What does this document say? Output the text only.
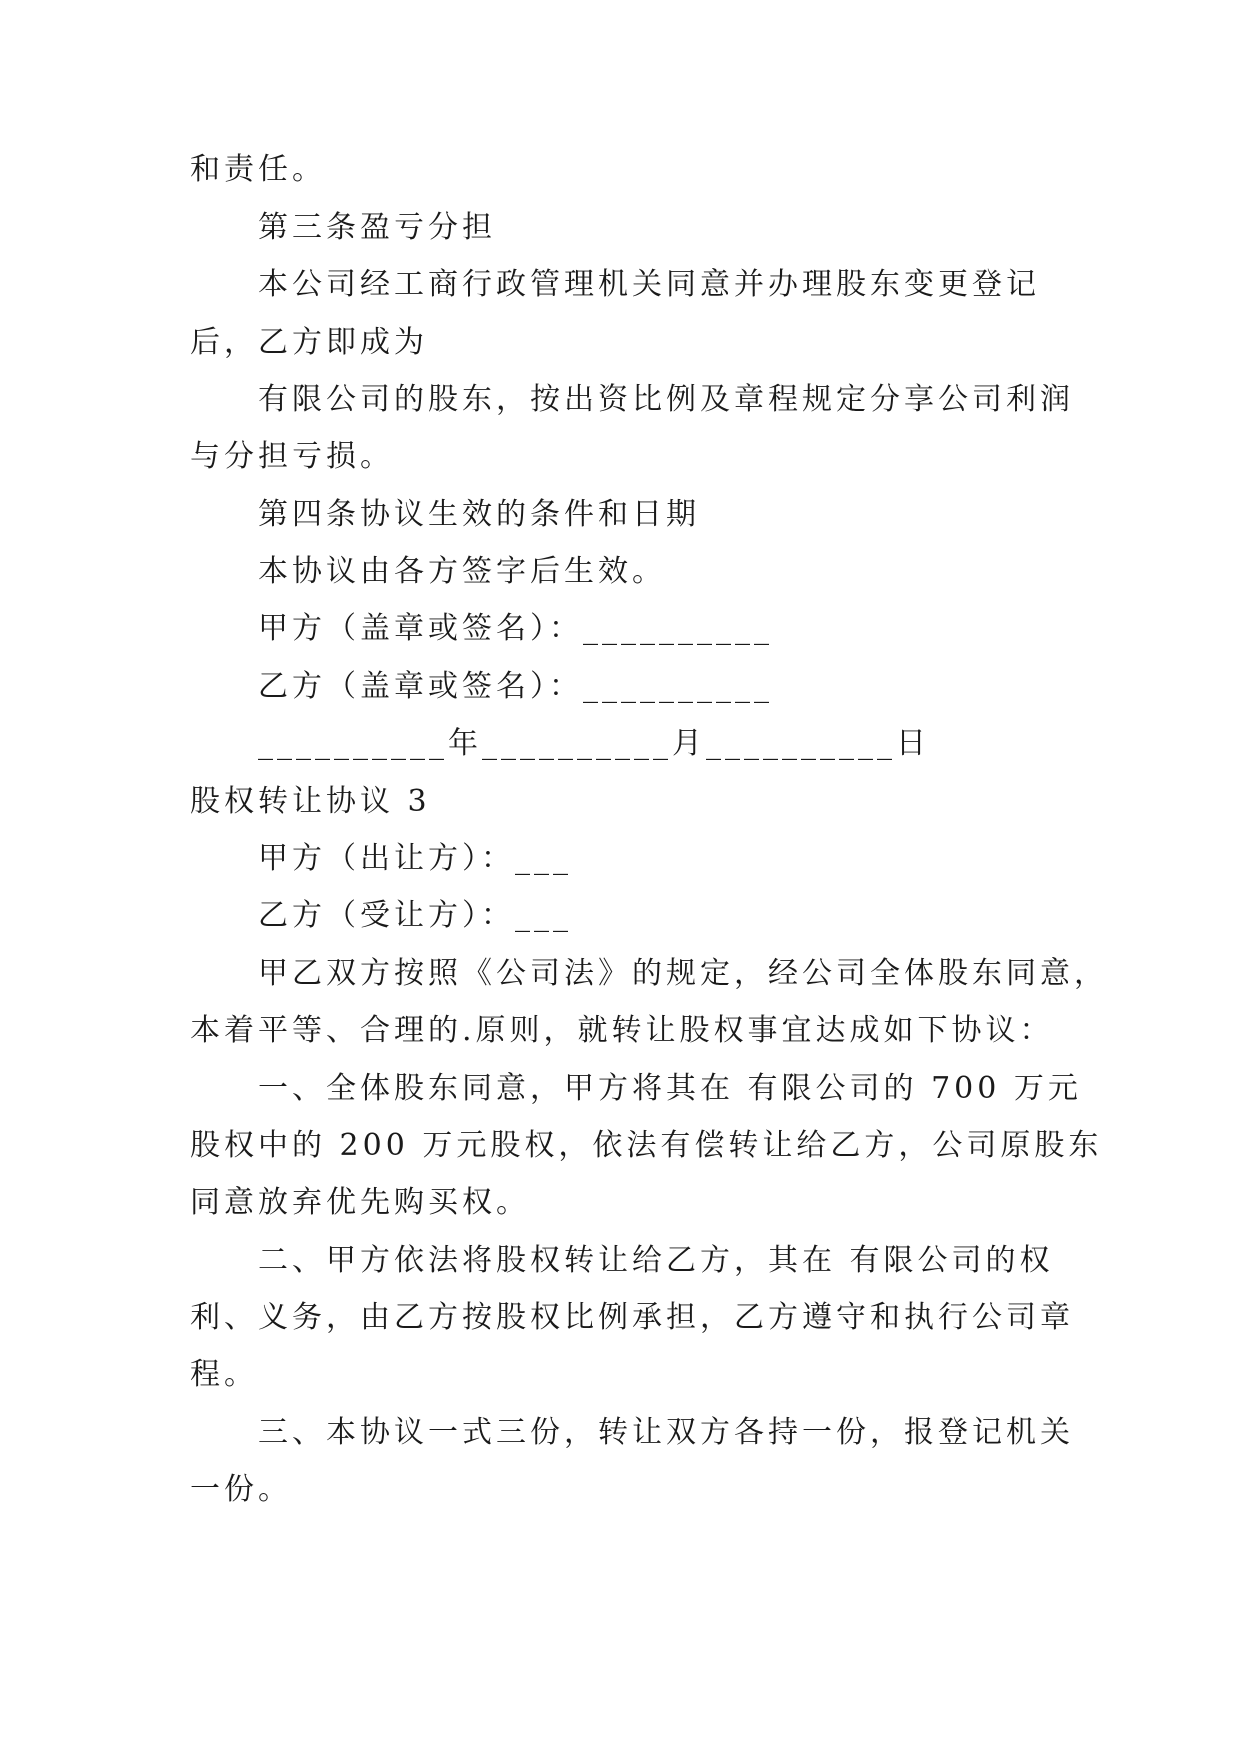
和责任。
第三条盈亏分担
本公司经工商行政管理机关同意并办理股东变更登记
后，乙方即成为
有限公司的股东，按出资比例及章程规定分享公司利润
与分担亏损。
第四条协议生效的条件和日期
本协议由各方签字后生效。
甲方（盖章或签名）：__________
乙方（盖章或签名）：__________
__________年__________月__________日
股权转让协议 3
甲方（出让方）：___
乙方（受让方）：___
甲乙双方按照《公司法》的规定，经公司全体股东同意，
本着平等、合理的.原则，就转让股权事宜达成如下协议：
一、全体股东同意，甲方将其在 有限公司的 700 万元
股权中的 200 万元股权，依法有偿转让给乙方，公司原股东
同意放弃优先购买权。
二、甲方依法将股权转让给乙方，其在 有限公司的权
利、义务，由乙方按股权比例承担，乙方遵守和执行公司章
程。
三、本协议一式三份，转让双方各持一份，报登记机关
一份。
